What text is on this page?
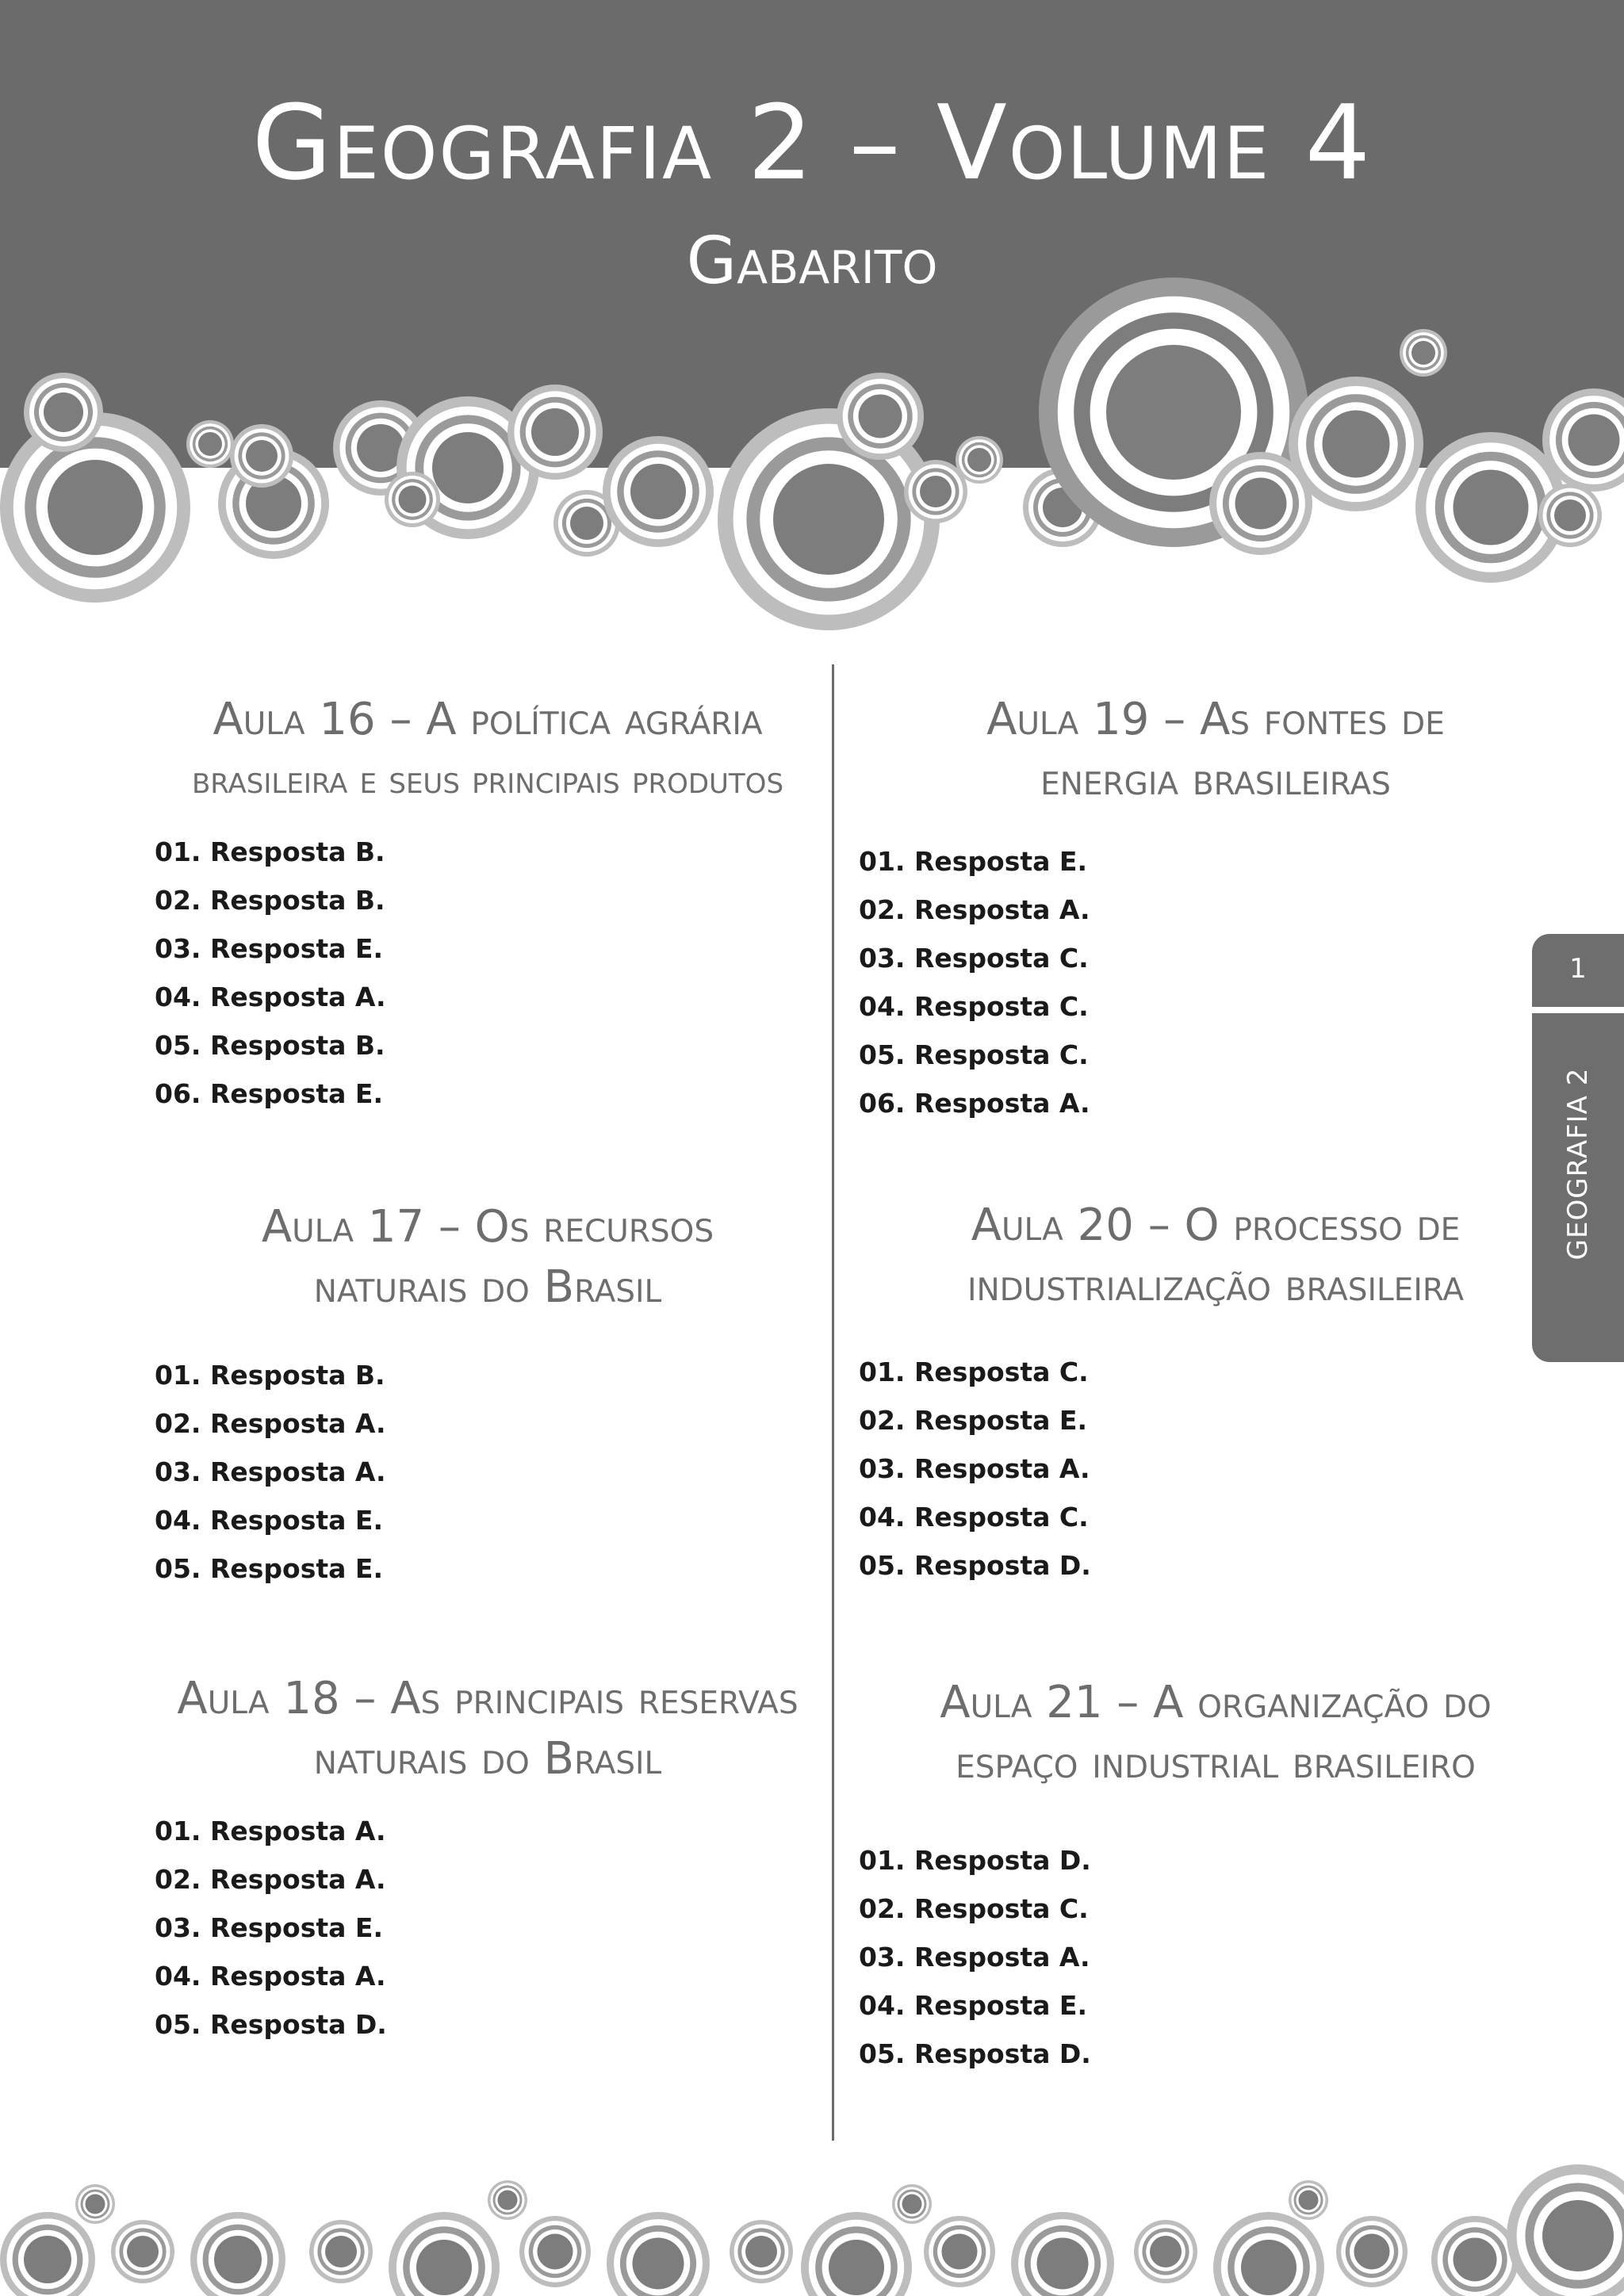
Geografia 2 – Volume 4
Gabarito
Aula 16 – A política agrária
brasileira e seus principais produtos
01. Resposta B.
02. Resposta B.
03. Resposta E.
04. Resposta A.
05. Resposta B.
06. Resposta E.
Aula 17 – Os recursos
naturais do Brasil
01. Resposta B.
02. Resposta A.
03. Resposta A.
04. Resposta E.
05. Resposta E.
Aula 18 – As principais reservas
naturais do Brasil
01. Resposta A.
02. Resposta A.
03. Resposta E.
04. Resposta A.
05. Resposta D.
Aula 19 – As fontes de
energia brasileiras
01. Resposta E.
02. Resposta A.
03. Resposta C.
04. Resposta C.
05. Resposta C.
06. Resposta A.
Aula 20 – O processo de
industrialização brasileira
01. Resposta C.
02. Resposta E.
03. Resposta A.
04. Resposta C.
05. Resposta D.
Aula 21 – A organização do
espaço industrial brasileiro
01. Resposta D.
02. Resposta C.
03. Resposta A.
04. Resposta E.
05. Resposta D.
1
GEOGRAFIA 2
